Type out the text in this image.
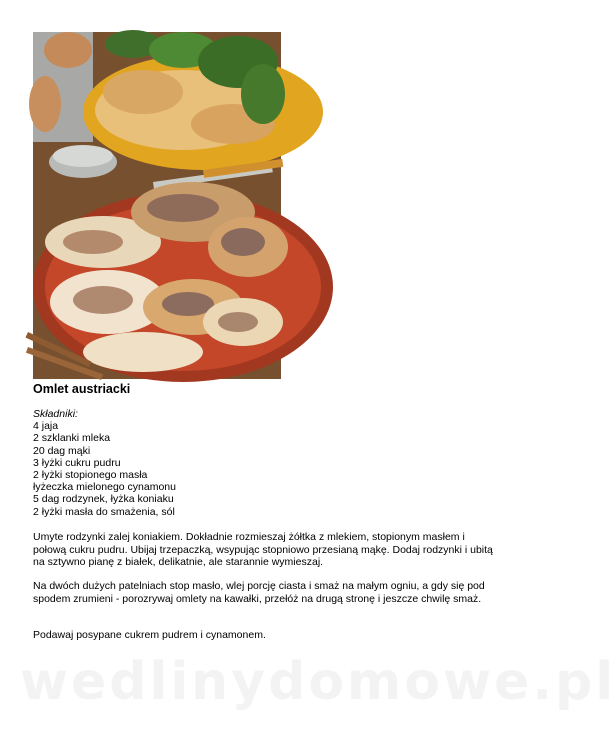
Omlet austriacki
Składniki:
4 jaja
2 szklanki mleka
20 dag mąki
3 łyżki cukru pudru
2 łyżki stopionego masła
łyżeczka mielonego cynamonu
5 dag rodzynek, łyżka koniaku
2 łyżki masła do smażenia, sól

Umyte rodzynki zalej koniakiem. Dokładnie rozmieszaj żółtka z mlekiem, stopionym masłem i połową cukru pudru. Ubijaj trzepaczką, wsypując stopniowo przesianą mąkę. Dodaj rodzynki i ubitą na sztywno pianę z białek, delikatnie, ale starannie wymieszaj.

Na dwóch dużych patelniach stop masło, wlej porcję ciasta i smaż na małym ogniu, a gdy się pod spodem zrumieni - porozrywaj omlety na kawałki, przełóż na drugą stronę i jeszcze chwilę smaż.

Podawaj posypane cukrem pudrem i cynamonem.

wedlinydomowe.pl
